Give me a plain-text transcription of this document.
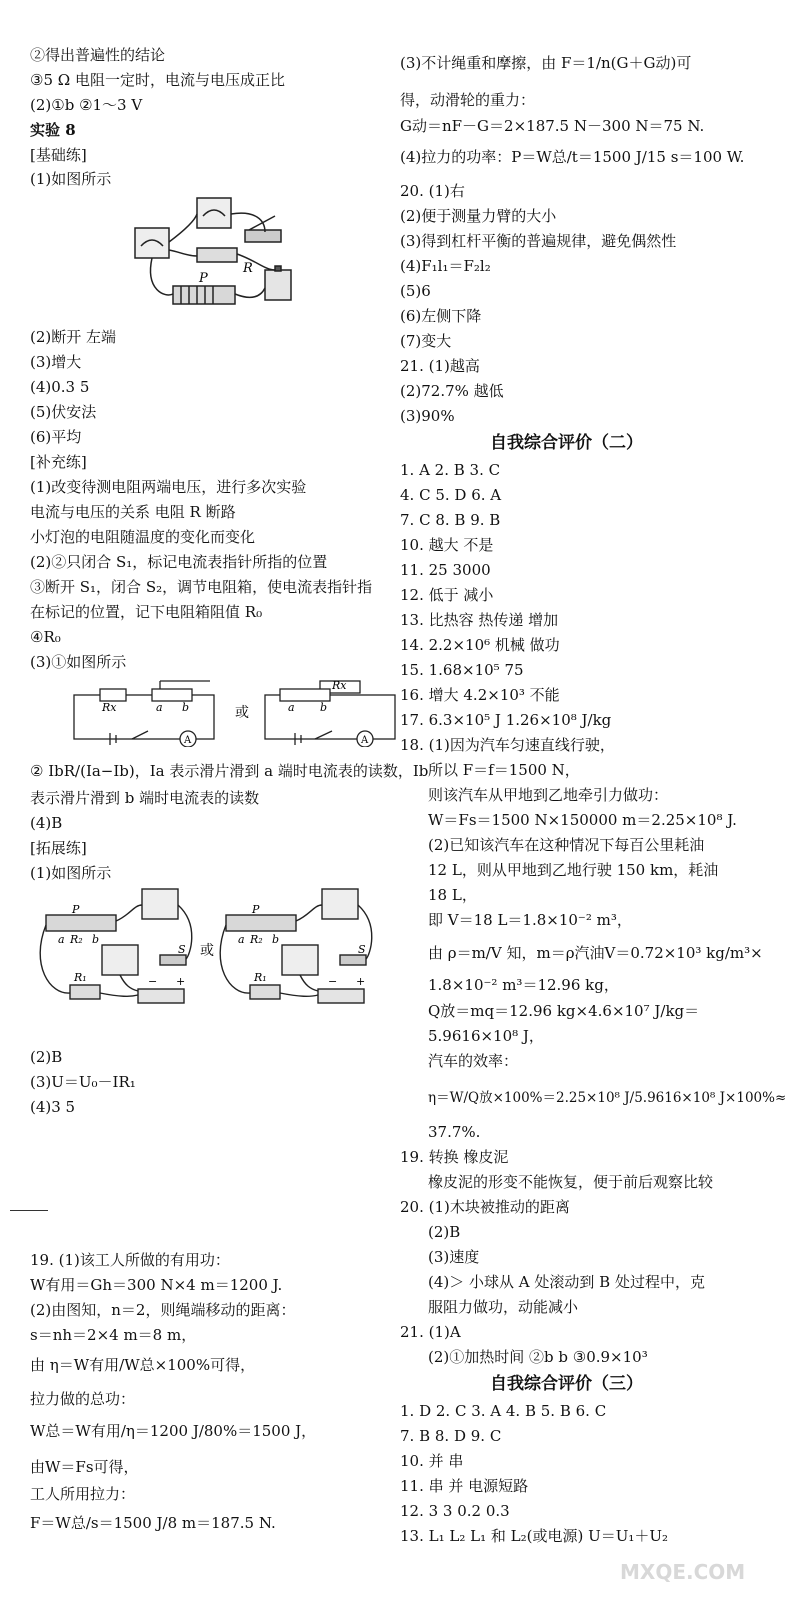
②得出普遍性的结论
③5 Ω 电阻一定时，电流与电压成正比
(2)①b ②1～3 V
实验 8
[基础练]
(1)如图所示
R
P
(2)断开 左端
(3)增大
(4)0.3 5
(5)伏安法
(6)平均
[补充练]
(1)改变待测电阻两端电压，进行多次实验
电流与电压的关系 电阻 R 断路
小灯泡的电阻随温度的变化而变化
(2)②只闭合 S₁，标记电流表指针所指的位置
③断开 S₁，闭合 S₂，调节电阻箱，使电流表指针指
在标记的位置，记下电阻箱阻值 R₀
④R₀
(3)①如图所示
Rx	a b
A
或
Rx
a b
A
② IbR/(Ia−Ib)，Ia 表示滑片滑到 a 端时电流表的读数，Ib
表示滑片滑到 b 端时电流表的读数
(4)B
[拓展练]
(1)如图所示
P
a R₂ b
S
R₁	− +
或
P
a R₂ b
S
R₁	− +
(2)B
(3)U＝U₀－IR₁
(4)3 5
19. (1)该工人所做的有用功：
W有用＝Gh＝300 N×4 m＝1200 J.
(2)由图知，n＝2，则绳端移动的距离：
s＝nh＝2×4 m＝8 m，
由 η＝W有用/W总×100%可得，
拉力做的总功：
W总＝W有用/η＝1200 J/80%＝1500 J，
由W＝Fs可得，
工人所用拉力：
F＝W总/s＝1500 J/8 m＝187.5 N.
(3)不计绳重和摩擦，由 F＝1/n(G＋G动)可
得，动滑轮的重力：
G动＝nF－G＝2×187.5 N－300 N＝75 N.
(4)拉力的功率：P＝W总/t＝1500 J/15 s＝100 W.
20. (1)右
(2)便于测量力臂的大小
(3)得到杠杆平衡的普遍规律，避免偶然性
(4)F₁l₁＝F₂l₂
(5)6
(6)左侧下降
(7)变大
21. (1)越高
(2)72.7% 越低
(3)90%
自我综合评价（二）
1. A 2. B 3. C
4. C 5. D 6. A
7. C 8. B 9. B
10. 越大 不是
11. 25 3000
12. 低于 减小
13. 比热容 热传递 增加
14. 2.2×10⁶ 机械 做功
15. 1.68×10⁵ 75
16. 增大 4.2×10³ 不能
17. 6.3×10⁵ J 1.26×10⁸ J/kg
18. (1)因为汽车匀速直线行驶，
所以 F＝f＝1500 N，
则该汽车从甲地到乙地牵引力做功：
W＝Fs＝1500 N×150000 m＝2.25×10⁸ J.
(2)已知该汽车在这种情况下每百公里耗油
12 L，则从甲地到乙地行驶 150 km，耗油
18 L，
即 V＝18 L＝1.8×10⁻² m³，
由 ρ＝m/V 知，m＝ρ汽油V＝0.72×10³ kg/m³×
1.8×10⁻² m³＝12.96 kg，
Q放＝mq＝12.96 kg×4.6×10⁷ J/kg＝
5.9616×10⁸ J，
汽车的效率：
η＝W/Q放×100%＝2.25×10⁸ J/5.9616×10⁸ J×100%≈
37.7%.
19. 转换 橡皮泥
橡皮泥的形变不能恢复，便于前后观察比较
20. (1)木块被推动的距离
(2)B
(3)速度
(4)＞ 小球从 A 处滚动到 B 处过程中，克
服阻力做功，动能减小
21. (1)A
(2)①加热时间 ②b b ③0.9×10³
自我综合评价（三）
1. D 2. C 3. A 4. B 5. B 6. C
7. B 8. D 9. C
10. 并 串
11. 串 并 电源短路
12. 3 3 0.2 0.3
13. L₁ L₂ L₁ 和 L₂(或电源) U＝U₁＋U₂
MXQE.COM
